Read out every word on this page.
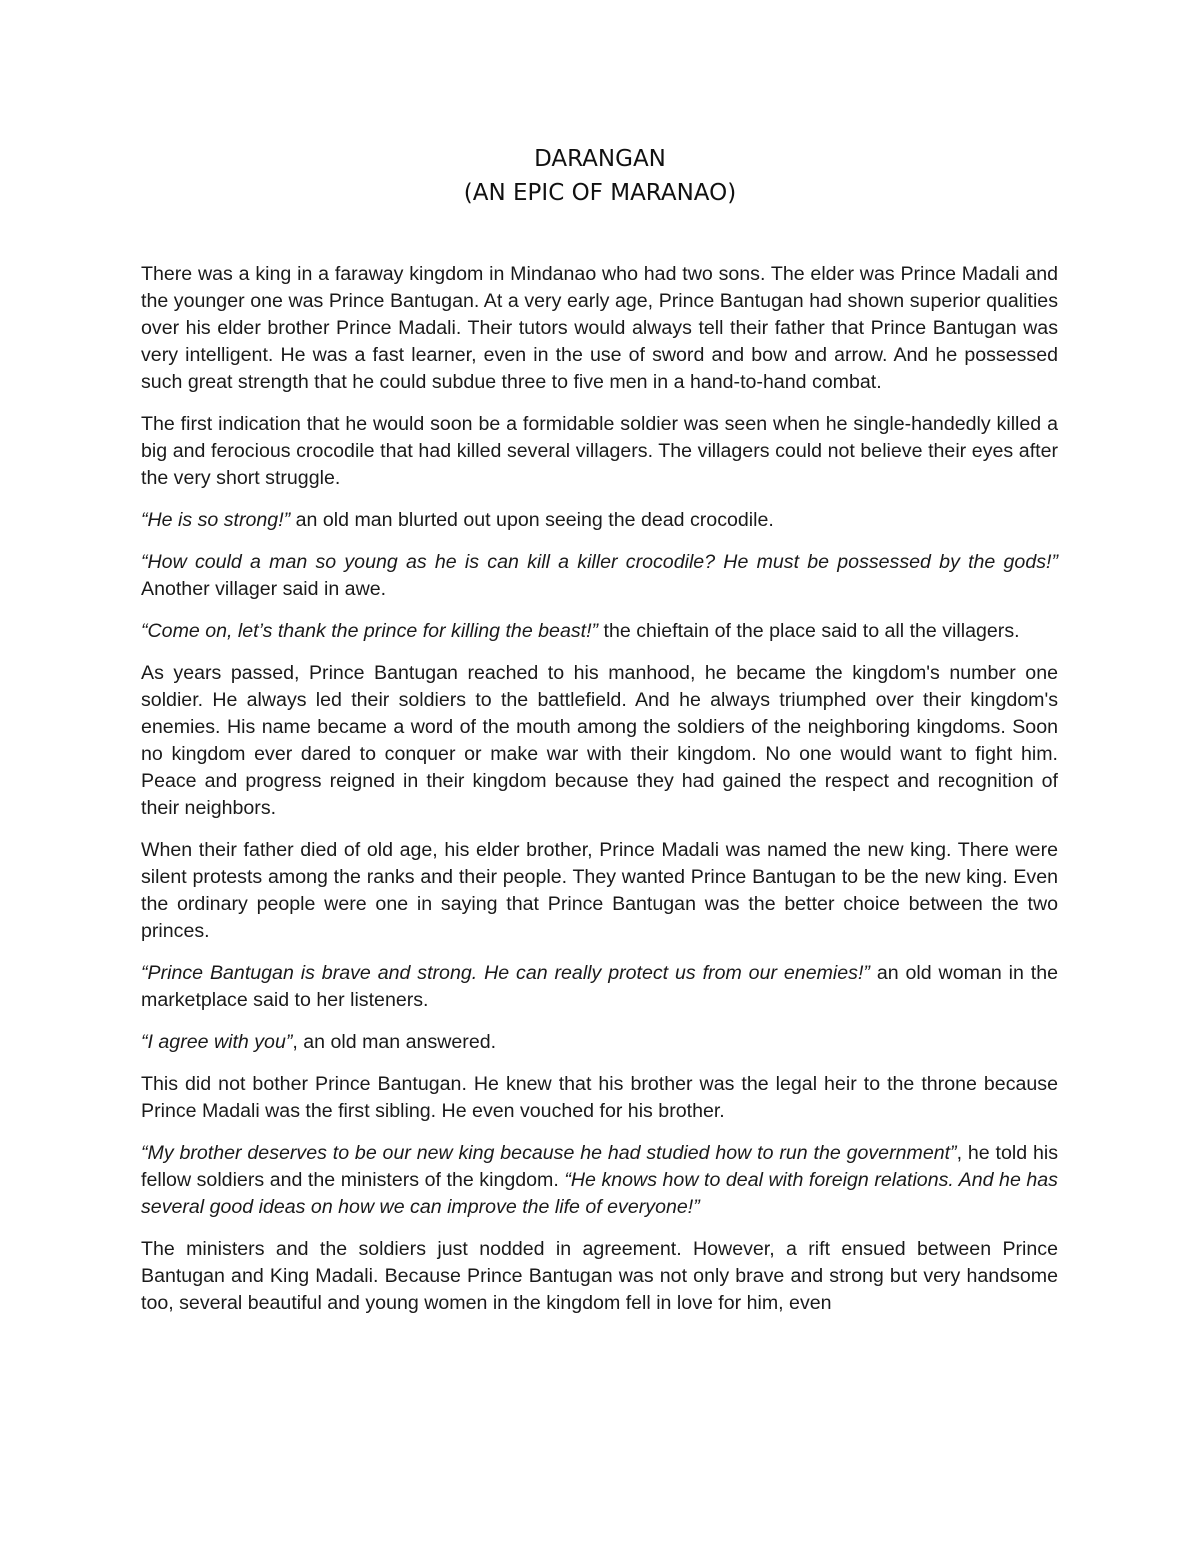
DARANGAN
(AN EPIC OF MARANAO)

There was a king in a faraway kingdom in Mindanao who had two sons. The elder was Prince Madali and the younger one was Prince Bantugan. At a very early age, Prince Bantugan had shown superior qualities over his elder brother Prince Madali. Their tutors would always tell their father that Prince Bantugan was very intelligent. He was a fast learner, even in the use of sword and bow and arrow. And he possessed such great strength that he could subdue three to five men in a hand-to-hand combat.

The first indication that he would soon be a formidable soldier was seen when he single-handedly killed a big and ferocious crocodile that had killed several villagers. The villagers could not believe their eyes after the very short struggle.

“He is so strong!” an old man blurted out upon seeing the dead crocodile.

“How could a man so young as he is can kill a killer crocodile? He must be possessed by the gods!” Another villager said in awe.

“Come on, let’s thank the prince for killing the beast!” the chieftain of the place said to all the villagers.

As years passed, Prince Bantugan reached to his manhood, he became the kingdom's number one soldier. He always led their soldiers to the battlefield. And he always triumphed over their kingdom's enemies. His name became a word of the mouth among the soldiers of the neighboring kingdoms. Soon no kingdom ever dared to conquer or make war with their kingdom. No one would want to fight him. Peace and progress reigned in their kingdom because they had gained the respect and recognition of their neighbors.

When their father died of old age, his elder brother, Prince Madali was named the new king. There were silent protests among the ranks and their people. They wanted Prince Bantugan to be the new king. Even the ordinary people were one in saying that Prince Bantugan was the better choice between the two princes.

“Prince Bantugan is brave and strong. He can really protect us from our enemies!” an old woman in the marketplace said to her listeners.

“I agree with you”, an old man answered.

This did not bother Prince Bantugan. He knew that his brother was the legal heir to the throne because Prince Madali was the first sibling. He even vouched for his brother.

“My brother deserves to be our new king because he had studied how to run the government”, he told his fellow soldiers and the ministers of the kingdom. “He knows how to deal with foreign relations. And he has several good ideas on how we can improve the life of everyone!”

The ministers and the soldiers just nodded in agreement. However, a rift ensued between Prince Bantugan and King Madali. Because Prince Bantugan was not only brave and strong but very handsome too, several beautiful and young women in the kingdom fell in love for him, even
